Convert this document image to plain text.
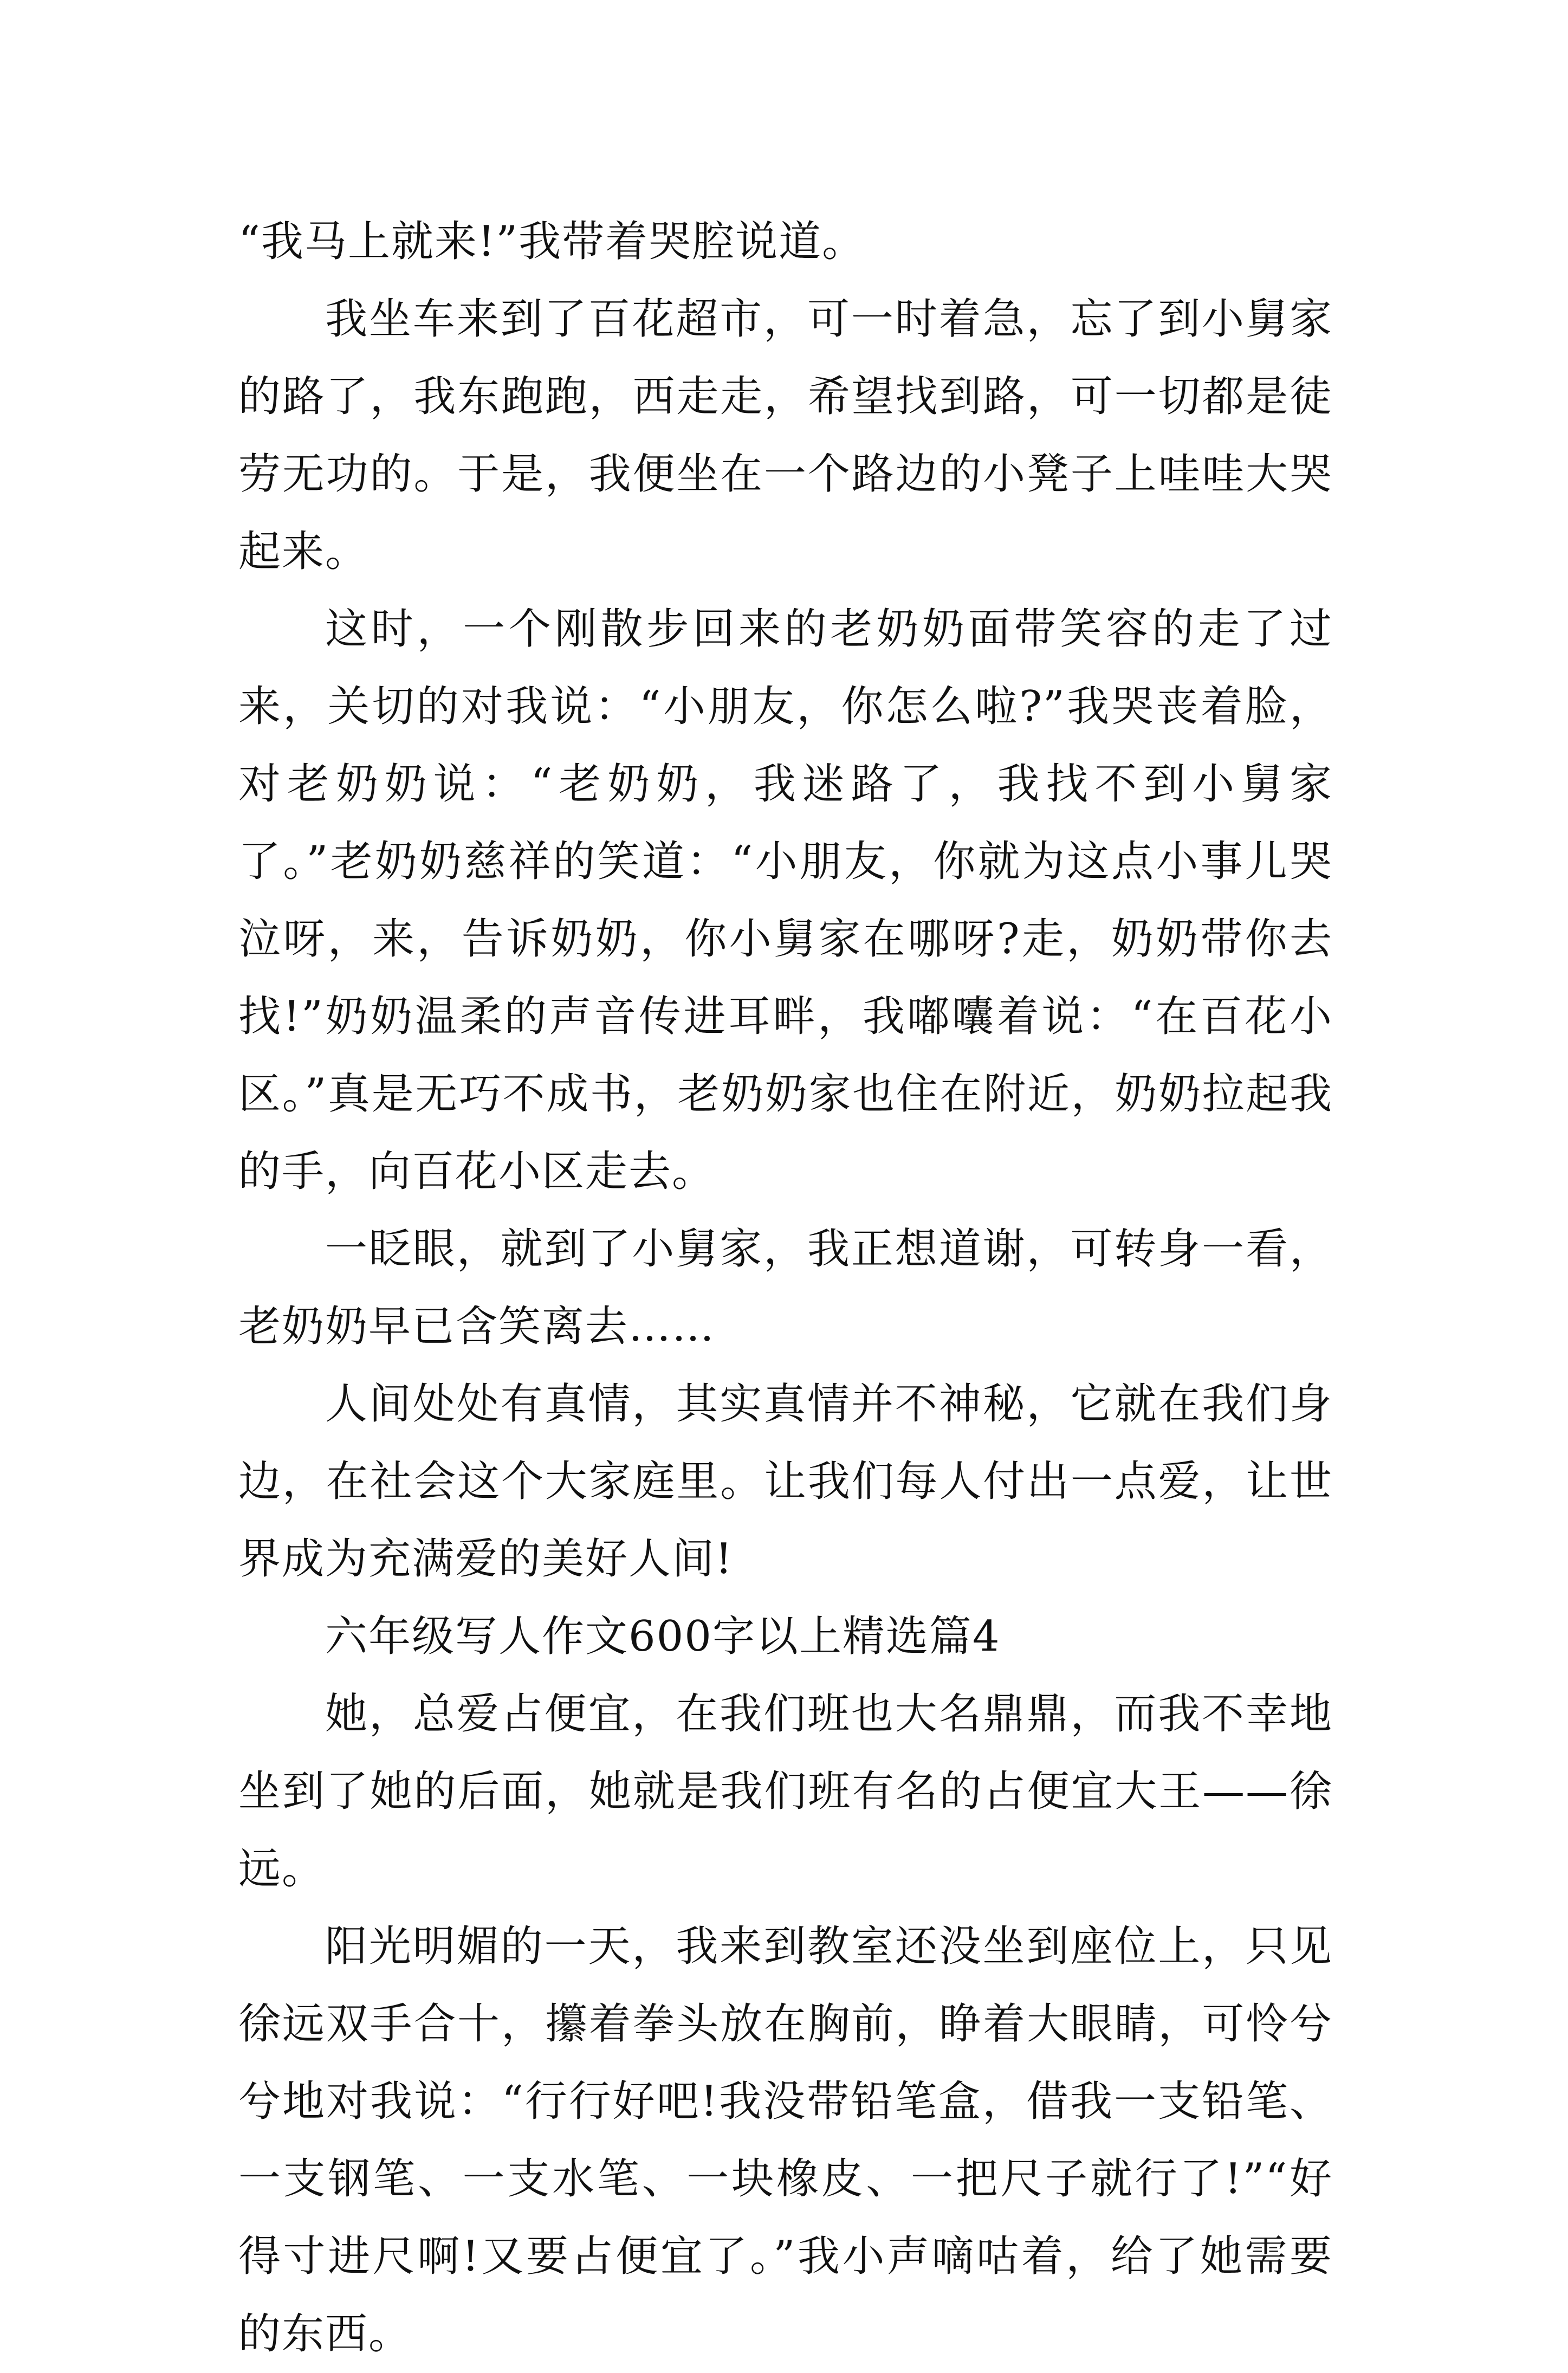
“我马上就来!”我带着哭腔说道。

我坐车来到了百花超市，可一时着急，忘了到小舅家的路了，我东跑跑，西走走，希望找到路，可一切都是徒劳无功的。于是，我便坐在一个路边的小凳子上哇哇大哭起来。

这时，一个刚散步回来的老奶奶面带笑容的走了过来，关切的对我说：“小朋友，你怎么啦?”我哭丧着脸，对老奶奶说：“老奶奶，我迷路了，我找不到小舅家了。”老奶奶慈祥的笑道：“小朋友，你就为这点小事儿哭泣呀，来，告诉奶奶，你小舅家在哪呀?走，奶奶带你去找!”奶奶温柔的声音传进耳畔，我嘟囔着说：“在百花小区。”真是无巧不成书，老奶奶家也住在附近，奶奶拉起我的手，向百花小区走去。

一眨眼，就到了小舅家，我正想道谢，可转身一看，老奶奶早已含笑离去……

人间处处有真情，其实真情并不神秘，它就在我们身边，在社会这个大家庭里。让我们每人付出一点爱，让世界成为充满爱的美好人间!

六年级写人作文600字以上精选篇4

她，总爱占便宜，在我们班也大名鼎鼎，而我不幸地坐到了她的后面，她就是我们班有名的占便宜大王——徐远。

阳光明媚的一天，我来到教室还没坐到座位上，只见徐远双手合十，攥着拳头放在胸前，睁着大眼睛，可怜兮兮地对我说：“行行好吧!我没带铅笔盒，借我一支铅笔、一支钢笔、一支水笔、一块橡皮、一把尺子就行了!”“好得寸进尺啊!又要占便宜了。”我小声嘀咕着，给了她需要的东西。
